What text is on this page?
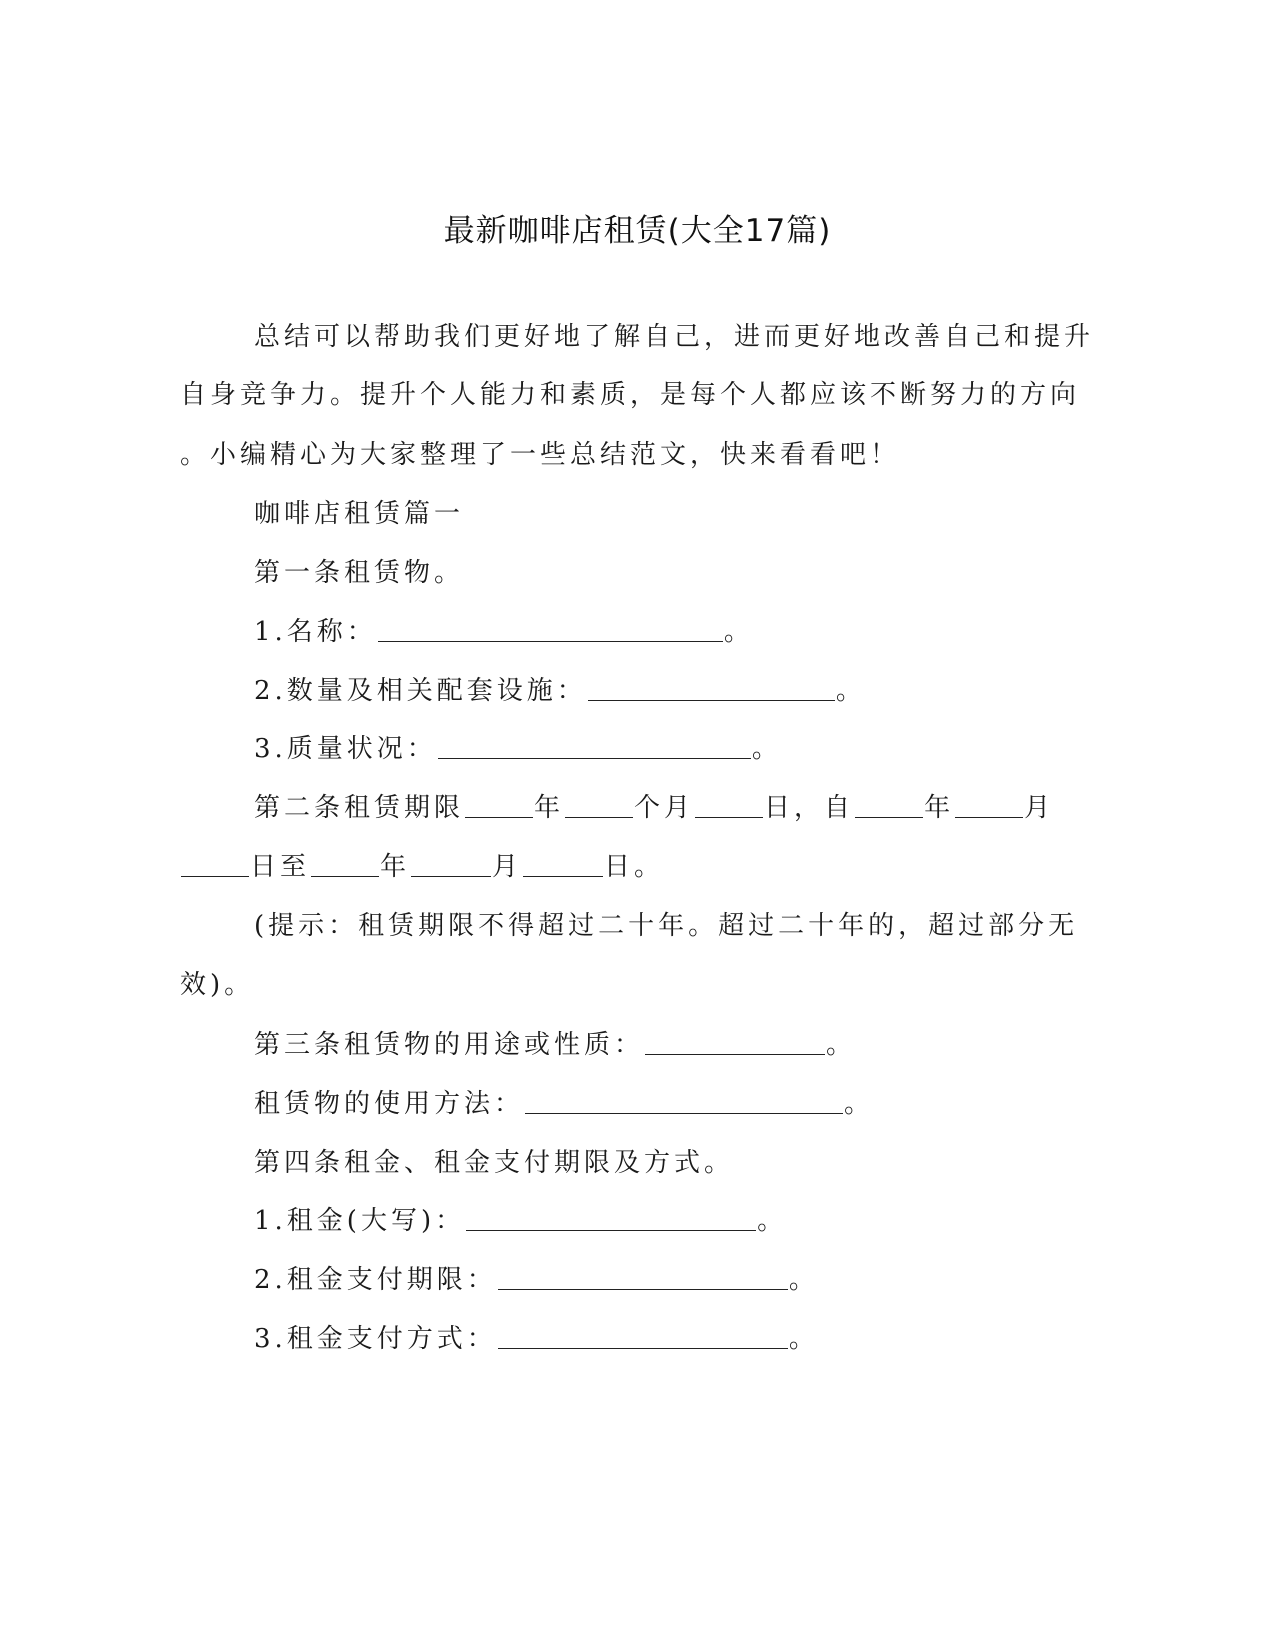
最新咖啡店租赁(大全17篇)
总结可以帮助我们更好地了解自己，进而更好地改善自己和提升
自身竞争力。提升个人能力和素质，是每个人都应该不断努力的方向
。小编精心为大家整理了一些总结范文，快来看看吧！
咖啡店租赁篇一
第一条租赁物。
1.名称：	。
2.数量及相关配套设施：	。
3.质量状况：	。
第二条租赁期限	年	个月	日，自	年	月
日至	年	月	日。
(提示：租赁期限不得超过二十年。超过二十年的，超过部分无
效)。
第三条租赁物的用途或性质：	。
租赁物的使用方法：	。
第四条租金、租金支付期限及方式。
1.租金(大写)：	。
2.租金支付期限：	。
3.租金支付方式：	。
